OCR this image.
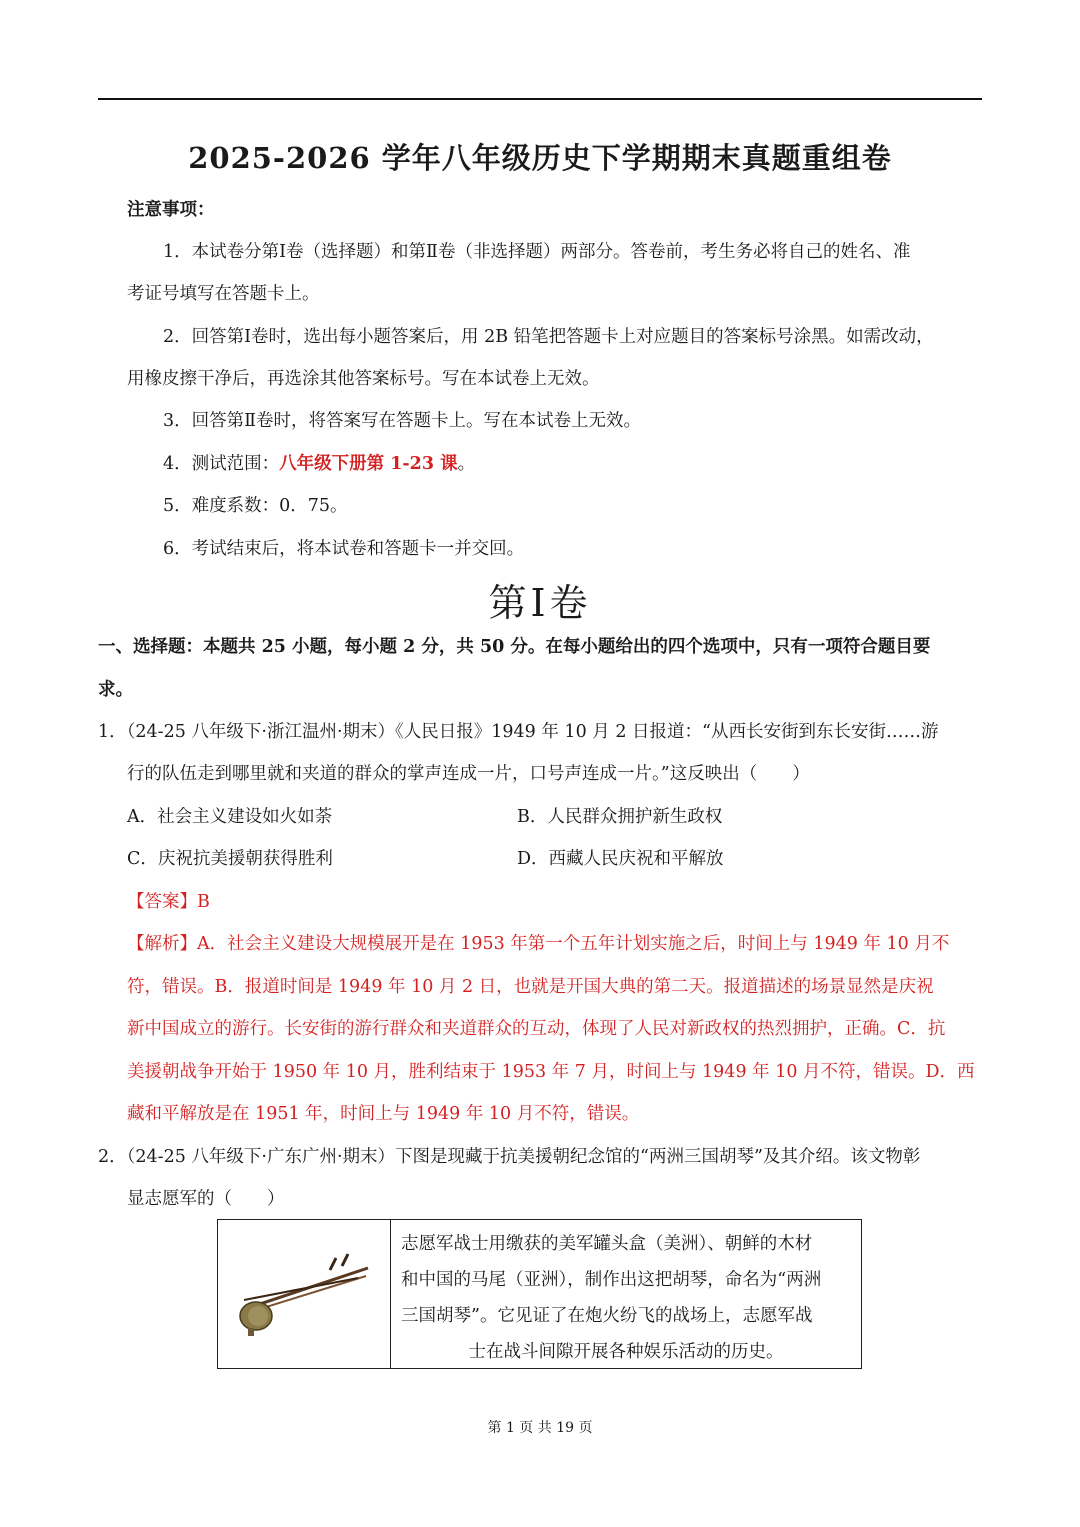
2025-2026 学年八年级历史下学期期末真题重组卷
注意事项：
1．本试卷分第Ⅰ卷（选择题）和第Ⅱ卷（非选择题）两部分。答卷前，考生务必将自己的姓名、准
考证号填写在答题卡上。
2．回答第Ⅰ卷时，选出每小题答案后，用 2B 铅笔把答题卡上对应题目的答案标号涂黑。如需改动，
用橡皮擦干净后，再选涂其他答案标号。写在本试卷上无效。
3．回答第Ⅱ卷时，将答案写在答题卡上。写在本试卷上无效。
4．测试范围：八年级下册第 1-23 课。
5．难度系数：0．75。
6．考试结束后，将本试卷和答题卡一并交回。
第Ⅰ卷
一、选择题：本题共 25 小题，每小题 2 分，共 50 分。在每小题给出的四个选项中，只有一项符合题目要
求。
1．（24-25 八年级下·浙江温州·期末）《人民日报》1949 年 10 月 2 日报道：“从西长安街到东长安街……游
行的队伍走到哪里就和夹道的群众的掌声连成一片，口号声连成一片。”这反映出（　　）
A．社会主义建设如火如荼	B．人民群众拥护新生政权
C．庆祝抗美援朝获得胜利	D．西藏人民庆祝和平解放
【答案】B
【解析】A．社会主义建设大规模展开是在 1953 年第一个五年计划实施之后，时间上与 1949 年 10 月不
符，错误。B．报道时间是 1949 年 10 月 2 日，也就是开国大典的第二天。报道描述的场景显然是庆祝
新中国成立的游行。长安街的游行群众和夹道群众的互动，体现了人民对新政权的热烈拥护，正确。C．抗
美援朝战争开始于 1950 年 10 月，胜利结束于 1953 年 7 月，时间上与 1949 年 10 月不符，错误。D．西
藏和平解放是在 1951 年，时间上与 1949 年 10 月不符，错误。
2．（24-25 八年级下·广东广州·期末）下图是现藏于抗美援朝纪念馆的“两洲三国胡琴”及其介绍。该文物彰
显志愿军的（　　）
志愿军战士用缴获的美军罐头盒（美洲）、朝鲜的木材
和中国的马尾（亚洲），制作出这把胡琴，命名为“两洲
三国胡琴”。它见证了在炮火纷飞的战场上，志愿军战
士在战斗间隙开展各种娱乐活动的历史。
第 1 页 共 19 页
